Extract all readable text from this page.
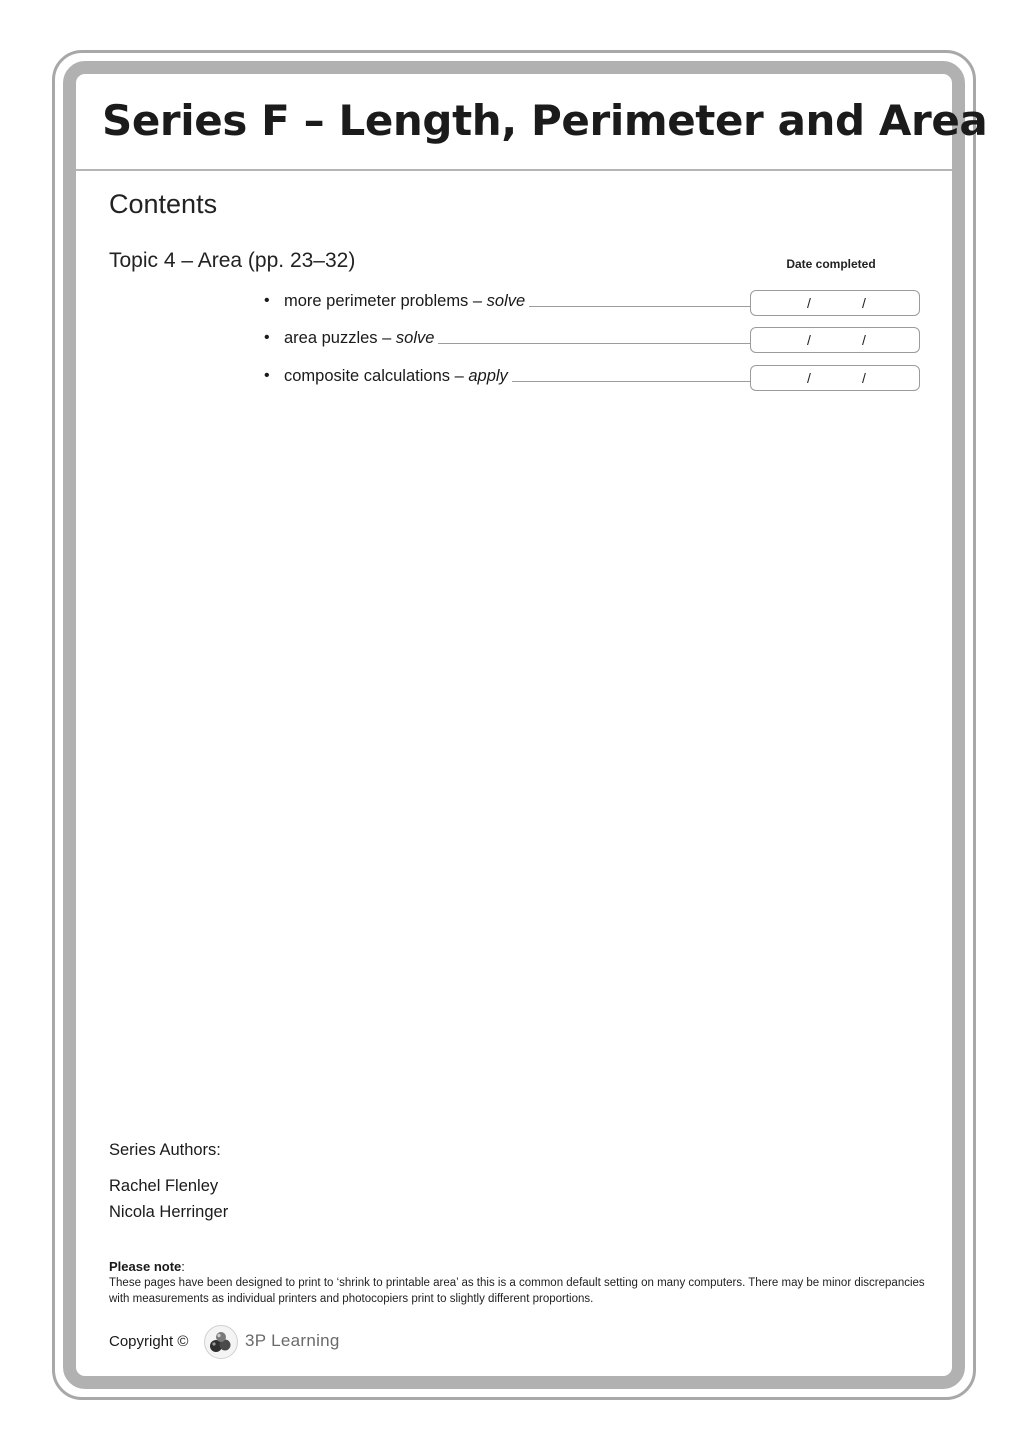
Series F – Length, Perimeter and Area
Contents
Topic 4 – Area (pp. 23–32)	Date completed
• more perimeter problems – solve	/	/
• area puzzles – solve	/	/
• composite calculations – apply	/	/
Series Authors:
Rachel Flenley
Nicola Herringer
Please note:
These pages have been designed to print to ‘shrink to printable area’ as this is a common default setting on many computers. There may be minor discrepancies with measurements as individual printers and photocopiers print to slightly different proportions.
Copyright ©	3P Learning
